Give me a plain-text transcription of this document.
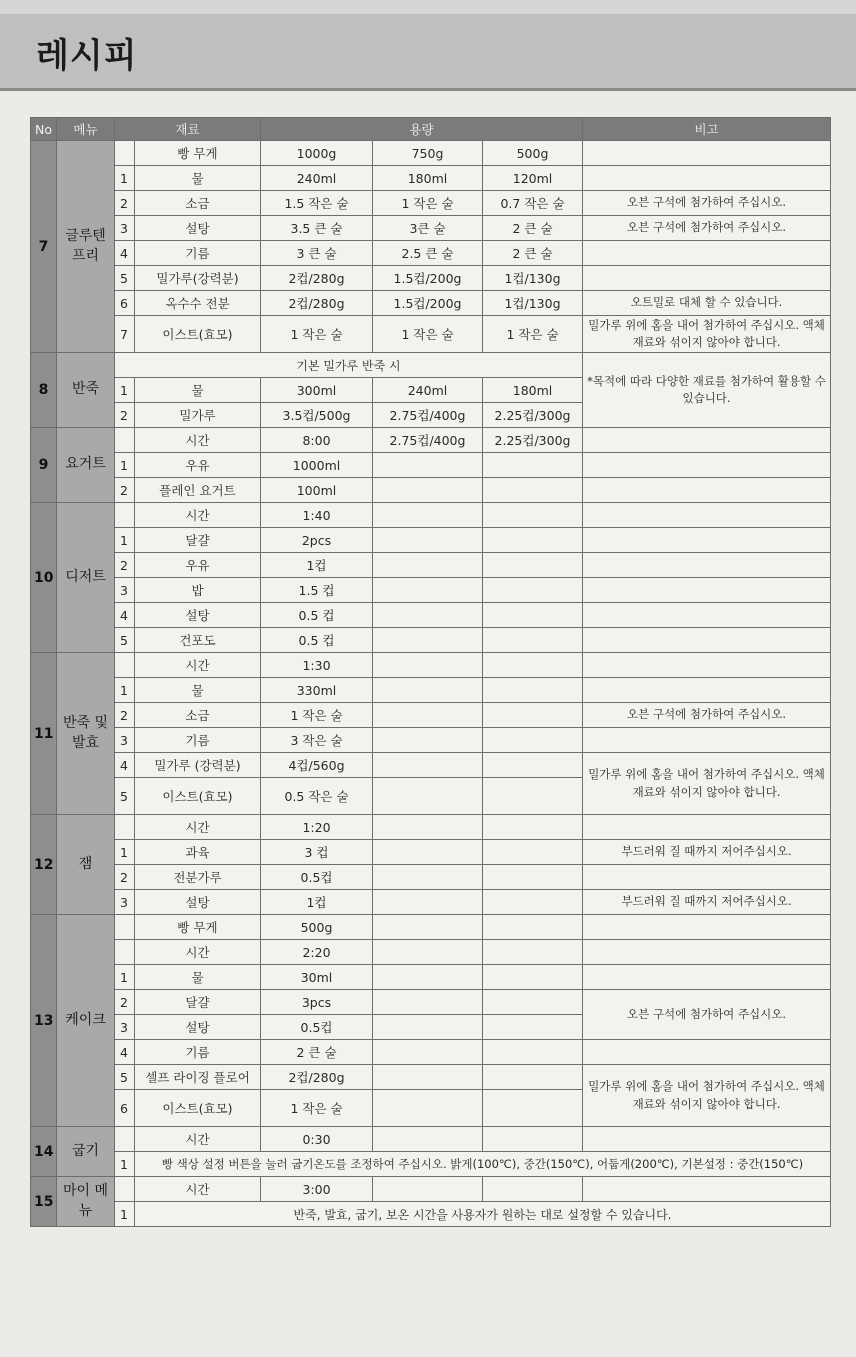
레시피
No	메뉴	재료		용량			비고
7	글루텐 프리		빵 무게	1000g	750g	500g	
		1	물	240ml	180ml	120ml	
		2	소금	1.5 작은 술	1 작은 술	0.7 작은 술	오븐 구석에 첨가하여 주십시오.
		3	설탕	3.5 큰 술	3큰 술	2 큰 술	오븐 구석에 첨가하여 주십시오.
		4	기름	3 큰 술	2.5 큰 술	2 큰 술	
		5	밀가루(강력분)	2컵/280g	1.5컵/200g	1컵/130g	
		6	옥수수 전분	2컵/280g	1.5컵/200g	1컵/130g	오트밀로 대체 할 수 있습니다.
		7	이스트(효모)	1 작은 술	1 작은 술	1 작은 술	밀가루 위에 홈을 내어 첨가하여 주십시오. 액체 재료와 섞이지 않아야 합니다.
8	반죽	기본 밀가루 반죽 시					*목적에 따라 다양한 재료를 첨가하여 활용할 수 있습니다.
		1	물	300ml	240ml	180ml	
		2	밀가루	3.5컵/500g	2.75컵/400g	2.25컵/300g	
9	요거트		시간	8:00	2.75컵/400g	2.25컵/300g	
		1	우유	1000ml			
		2	플레인 요거트	100ml			
10	디저트		시간	1:40			
		1	달걀	2pcs			
		2	우유	1컵			
		3	밥	1.5 컵			
		4	설탕	0.5 컵			
		5	건포도	0.5 컵			
11	반죽 및 발효		시간	1:30			
		1	물	330ml			
		2	소금	1 작은 술			오븐 구석에 첨가하여 주십시오.
		3	기름	3 작은 술			
		4	밀가루 (강력분)	4컵/560g			밀가루 위에 홈을 내어 첨가하여 주십시오. 액체 재료와 섞이지 않아야 합니다.
		5	이스트(효모)	0.5 작은 술			
12	잼		시간	1:20			
		1	과육	3 컵			부드러워 질 때까지 저어주십시오.
		2	전분가루	0.5컵			
		3	설탕	1컵			부드러워 질 때까지 저어주십시오.
13	케이크		빵 무게	500g			
			시간	2:20			
		1	물	30ml			
		2	달걀	3pcs			오븐 구석에 첨가하여 주십시오.
		3	설탕	0.5컵			
		4	기름	2 큰 술			
		5	셀프 라이징 플로어	2컵/280g			밀가루 위에 홈을 내어 첨가하여 주십시오. 액체 재료와 섞이지 않아야 합니다.
		6	이스트(효모)	1 작은 술			
14	굽기		시간	0:30			
		1	빵 색상 설정 버튼을 눌러 굽기온도를 조정하여 주십시오. 밝게(100℃), 중간(150℃), 어둡게(200℃), 기본설정 : 중간(150℃)				
15	마이 메뉴		시간	3:00			
		1	반죽, 발효, 굽기, 보온 시간을 사용자가 원하는 대로 설정할 수 있습니다.				
